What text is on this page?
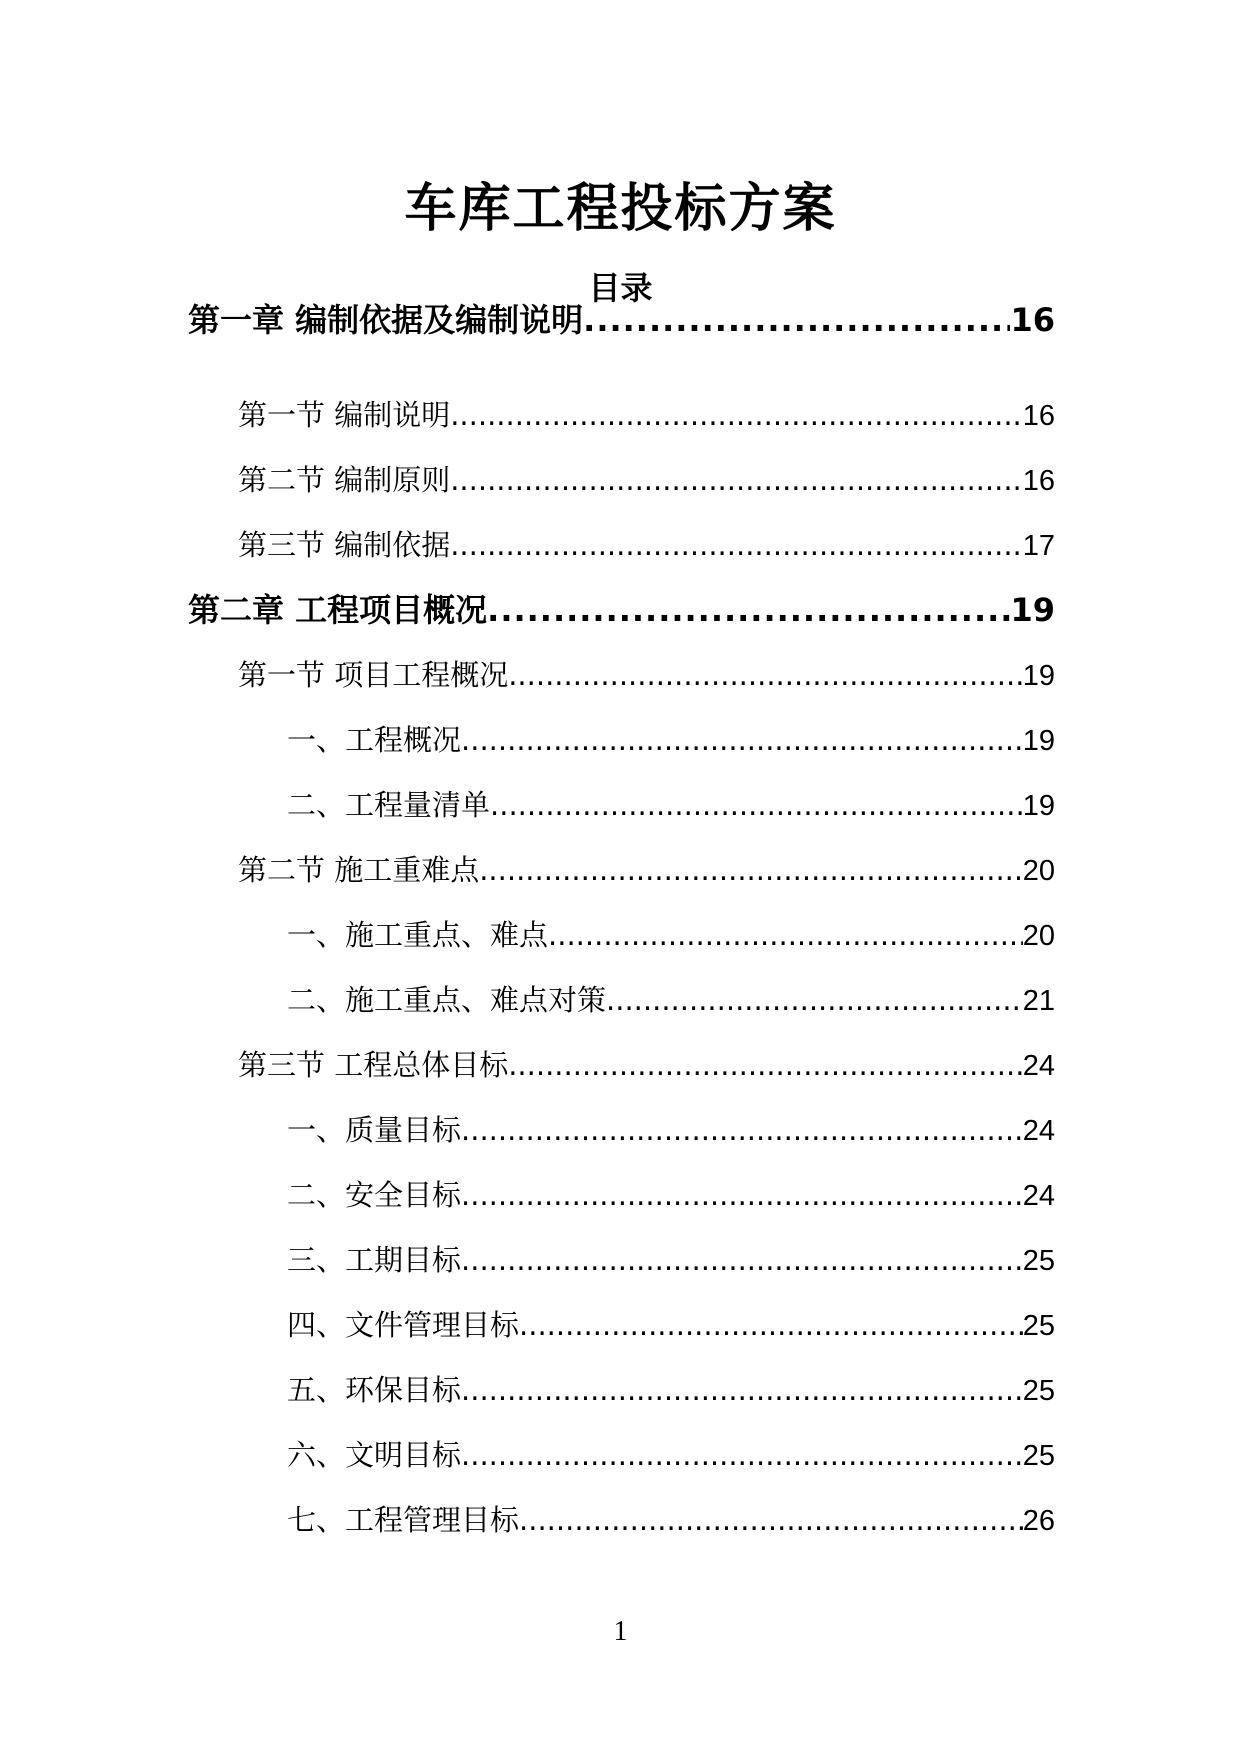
车库工程投标方案
目录
第一章 编制依据及编制说明 .....	16
第一节 编制说明 .....	16
第二节 编制原则 .....	16
第三节 编制依据 .....	17
第二章 工程项目概况 .....	19
第一节 项目工程概况 .....	19
一、工程概况 .....	19
二、工程量清单 .....	19
第二节 施工重难点 .....	20
一、施工重点、难点 .....	20
二、施工重点、难点对策 .....	21
第三节 工程总体目标 .....	24
一、质量目标 .....	24
二、安全目标 .....	24
三、工期目标 .....	25
四、文件管理目标 .....	25
五、环保目标 .....	25
六、文明目标 .....	25
七、工程管理目标 .....	26
1
